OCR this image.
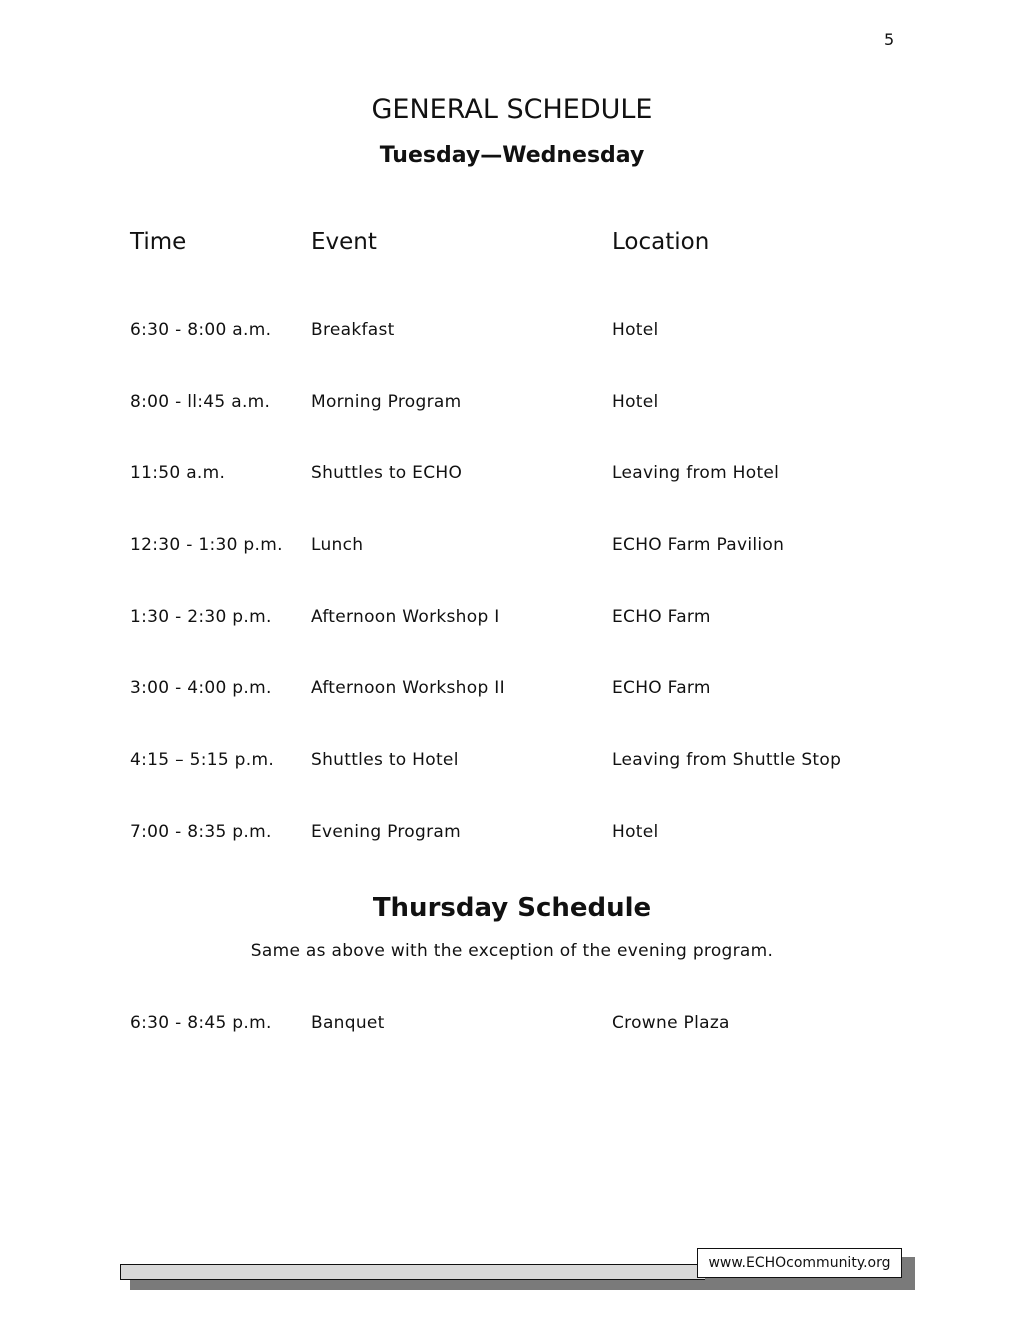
5
GENERAL SCHEDULE
Tuesday—Wednesday
Time	Event	Location
6:30 - 8:00 a.m. Breakfast	Hotel
8:00 - ll:45 a.m. Morning Program	Hotel
11:50 a.m.	Shuttles to ECHO	Leaving from Hotel
12:30 - 1:30 p.m. Lunch	ECHO Farm Pavilion
1:30 - 2:30 p.m. Afternoon Workshop I	ECHO Farm
3:00 - 4:00 p.m. Afternoon Workshop II	ECHO Farm
4:15 – 5:15 p.m. Shuttles to Hotel	Leaving from Shuttle Stop
7:00 - 8:35 p.m. Evening Program	Hotel
Thursday Schedule
Same as above with the exception of the evening program.
6:30 - 8:45 p.m. Banquet	Crowne Plaza
www.ECHOcommunity.org
